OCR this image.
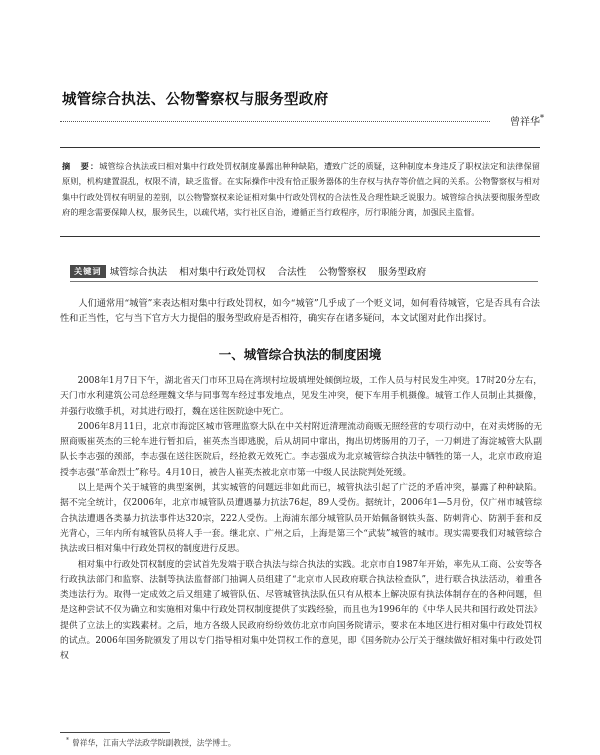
城管综合执法、公物警察权与服务型政府
曾祥华*
摘　要：城管综合执法或曰相对集中行政处罚权制度暴露出种种缺陷，遭致广泛的质疑，这种制度本身违反了职权法定和法律保留原则，机构建置混乱，权限不清，缺乏监督。在实际操作中没有恰正服务器体的生存权与执存等价值之间的关系。公物警察权与相对集中行政处罚权有明显的差别，以公物警察权来论证相对集中行政处罚权的合法性及合理性缺乏说服力。城管综合执法要彻服务型政府的理念需要保障人权，服务民生，以疏代堵，实行社区自治，遵循正当行政程序，厉行职能分离，加强民主监督。
关键词 城管综合执法 相对集中行政处罚权 合法性 公物警察权 服务型政府
人们通常用“城管”来表达相对集中行政处罚权，如今“城管”几乎成了一个贬义词，如何看待城管，它是否具有合法性和正当性，它与当下官方大力提倡的服务型政府是否相符，确实存在诸多疑问，本文试图对此作出探讨。
一、城管综合执法的制度困境

2008年1月7日下午，湖北省天门市环卫局在湾坝村垃圾填埋处倾倒垃圾，工作人员与村民发生冲突。17时20分左右，天门市水利建筑公司总经理魏文华与同事驾车经过事发地点，见发生冲突，便下车用手机摄像。城管工作人员制止其摄像，并强行收缴手机，对其进行殴打，魏在送往医院途中死亡。

2006年8月11日，北京市海淀区城市管理监察大队在中关村附近清理流动商贩无照经营的专项行动中，在对卖烤肠的无照商贩崔英杰的三轮车进行暂扣后，崔英杰当即逃脱，后从胡同中窜出，掏出切烤肠用的刀子，一刀刺进了海淀城管大队副队长李志强的颈部，李志强在送往医院后，经抢救无效死亡。李志强成为北京城管综合执法中牺牲的第一人，北京市政府追授李志强“革命烈士”称号。4月10日，被告人崔英杰被北京市第一中级人民法院判处死缓。

以上是两个关于城管的典型案例，其实城管的问题远非如此而已，城管执法引起了广泛的矛盾冲突，暴露了种种缺陷。据不完全统计，仅2006年，北京市城管队员遭遇暴力抗法76起，89人受伤。据统计，2006年1—5月份，仅广州市城管综合执法遭遇各类暴力抗法事件达320宗，222人受伤。上海浦东部分城管队员开始佩备钢铁头盔、防刺背心、防割手套和反光背心，三年内所有城管队员将人手一套。继北京、广州之后，上海是第三个“武装”城管的城市。现实需要我们对城管综合执法或曰相对集中行政处罚权的制度进行反思。

相对集中行政处罚权制度的尝试首先发端于联合执法与综合执法的实践。北京市自1987年开始，率先从工商、公安等各行政执法部门和监察、法制等执法监督部门抽调人员组建了“北京市人民政府联合执法检查队”，进行联合执法活动，着重各类违法行为。取得一定成效之后又组建了城管队伍、尽管城管执法队伍只有从根本上解决原有执法体制存在的各种问题，但是这种尝试不仅为确立和实施相对集中行政处罚权制度提供了实践经验，而且也为1996年的《中华人民共和国行政处罚法》提供了立法上的实践素材。之后，地方各级人民政府纷纷效仿北京市向国务院请示，要求在本地区进行相对集中行政处罚权的试点。2006年国务院颁发了用以专门指导相对集中处罚权工作的意见，即《国务院办公厅关于继续做好相对集中行政处罚权

* 曾祥华，江南大学法政学院副教授，法学博士。
